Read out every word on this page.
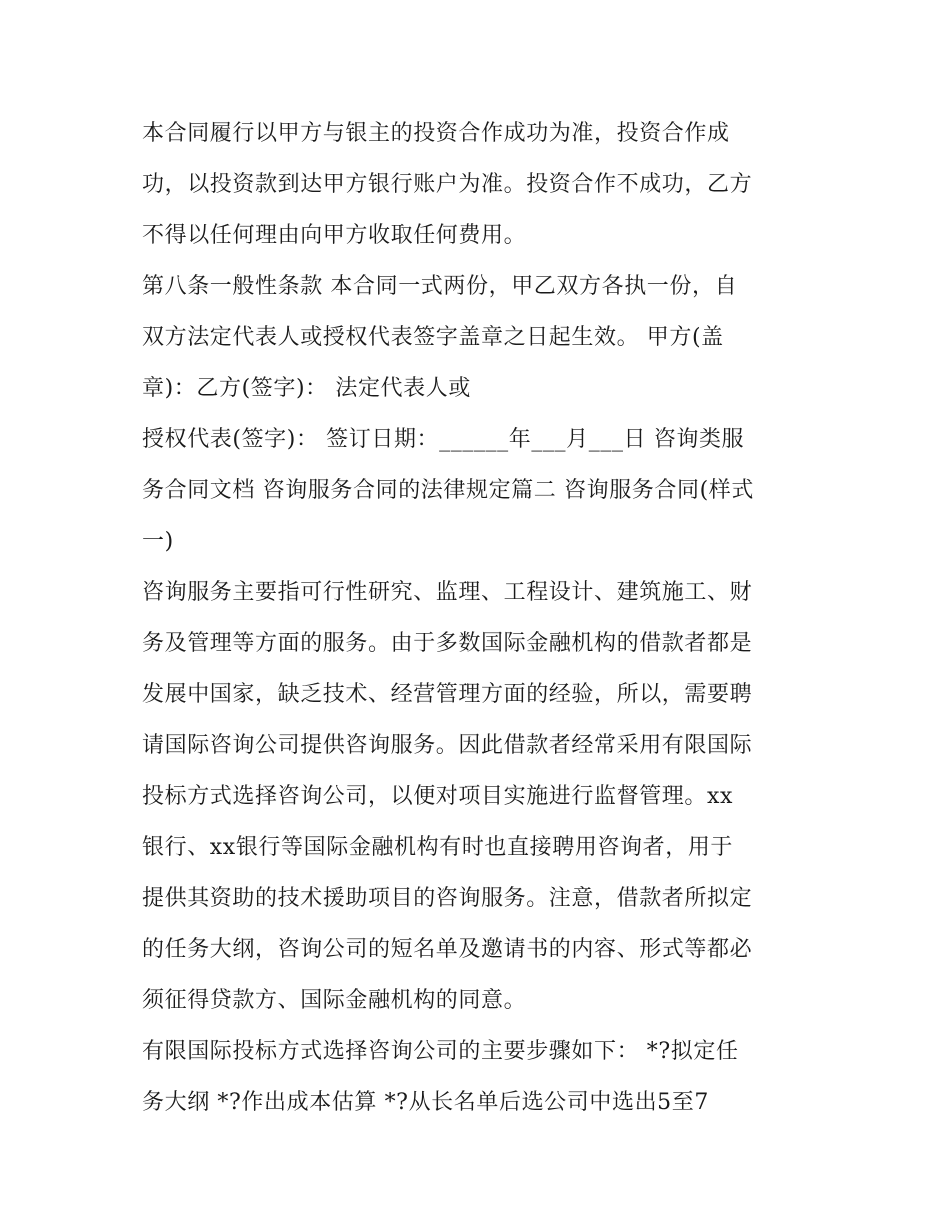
本合同履行以甲方与银主的投资合作成功为准，投资合作成
功，以投资款到达甲方银行账户为准。投资合作不成功，乙方
不得以任何理由向甲方收取任何费用。
第八条一般性条款 本合同一式两份，甲乙双方各执一份，自
双方法定代表人或授权代表签字盖章之日起生效。 甲方(盖
章)：乙方(签字)： 法定代表人或
授权代表(签字)： 签订日期：______年___月___日 咨询类服
务合同文档 咨询服务合同的法律规定篇二 咨询服务合同(样式
一)
咨询服务主要指可行性研究、监理、工程设计、建筑施工、财
务及管理等方面的服务。由于多数国际金融机构的借款者都是
发展中国家，缺乏技术、经营管理方面的经验，所以，需要聘
请国际咨询公司提供咨询服务。因此借款者经常采用有限国际
投标方式选择咨询公司，以便对项目实施进行监督管理。xx
银行、xx银行等国际金融机构有时也直接聘用咨询者，用于
提供其资助的技术援助项目的咨询服务。注意，借款者所拟定
的任务大纲，咨询公司的短名单及邀请书的内容、形式等都必
须征得贷款方、国际金融机构的同意。
有限国际投标方式选择咨询公司的主要步骤如下： *?拟定任
务大纲 *?作出成本估算 *?从长名单后选公司中选出5至7
